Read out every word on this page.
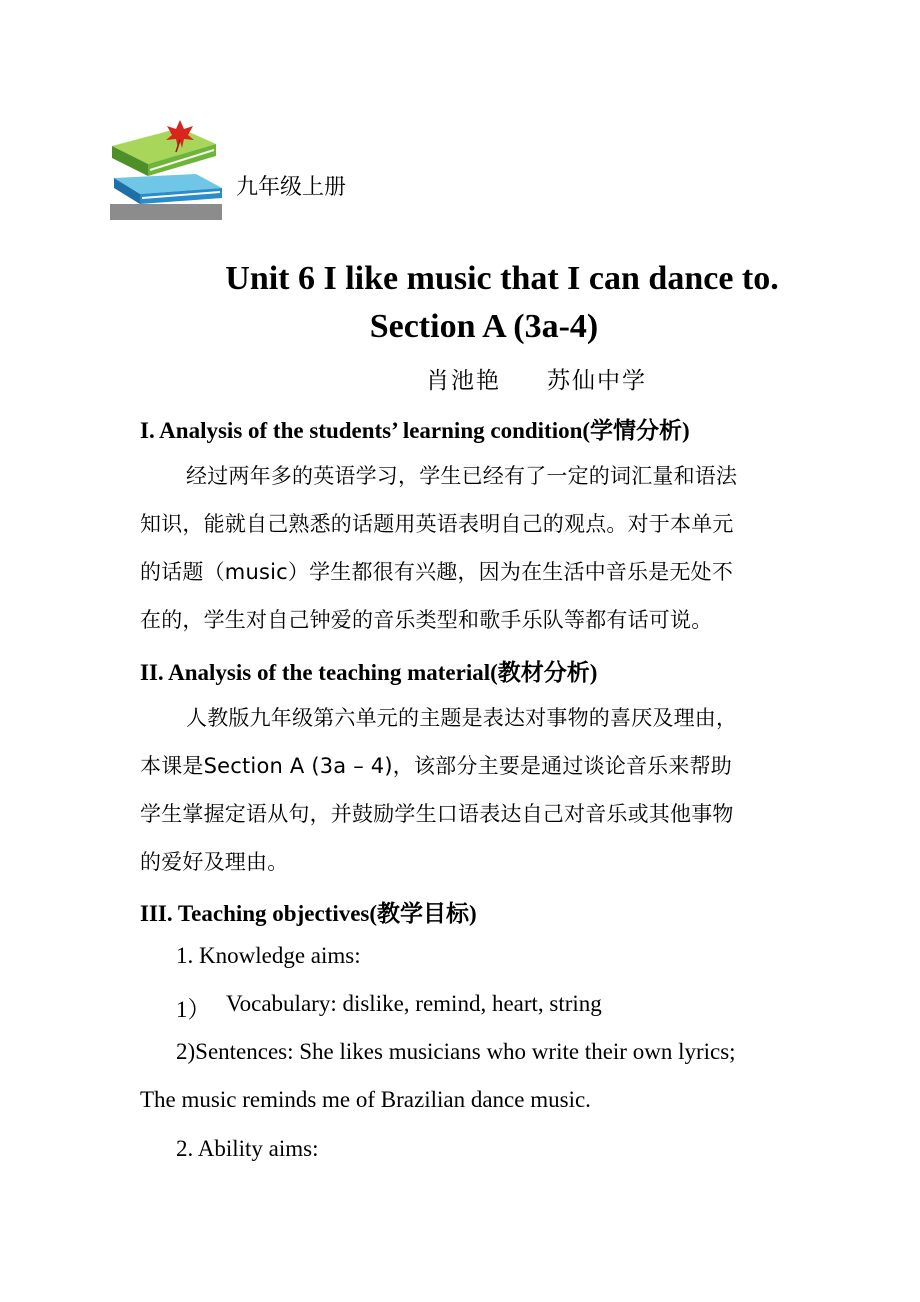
九年级上册
Unit 6 I like music that I can dance to.
Section A (3a-4)
肖池艳 苏仙中学
I. Analysis of the students’ learning condition(学情分析)
经过两年多的英语学习，学生已经有了一定的词汇量和语法
知识，能就自己熟悉的话题用英语表明自己的观点。对于本单元
的话题（music）学生都很有兴趣，因为在生活中音乐是无处不
在的，学生对自己钟爱的音乐类型和歌手乐队等都有话可说。
II. Analysis of the teaching material(教材分析)
人教版九年级第六单元的主题是表达对事物的喜厌及理由，
本课是Section A (3a – 4)，该部分主要是通过谈论音乐来帮助
学生掌握定语从句，并鼓励学生口语表达自己对音乐或其他事物
的爱好及理由。
III. Teaching objectives(教学目标)
1. Knowledge aims:
1） Vocabulary: dislike, remind, heart, string
2)Sentences: She likes musicians who write their own lyrics;
The music reminds me of Brazilian dance music.
2. Ability aims:
